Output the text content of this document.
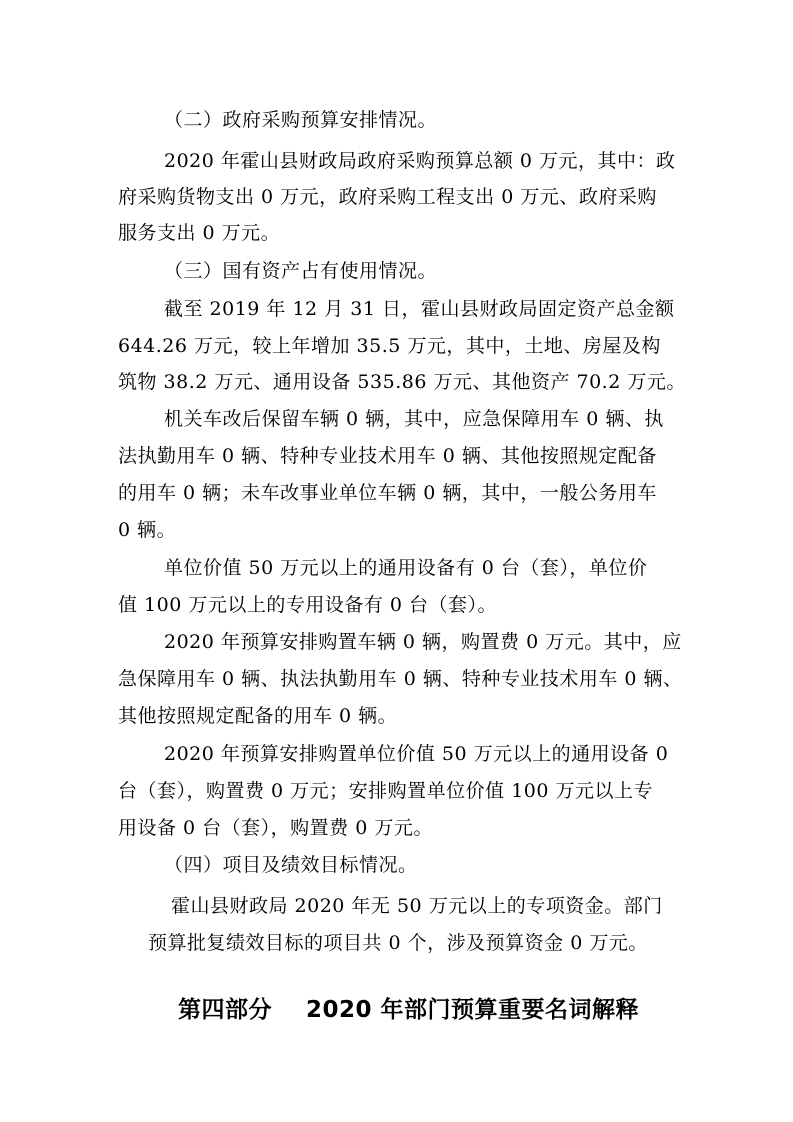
（二）政府采购预算安排情况。
2020 年霍山县财政局政府采购预算总额 0 万元，其中：政
府采购货物支出 0 万元，政府采购工程支出 0 万元、政府采购
服务支出 0 万元。
（三）国有资产占有使用情况。
截至 2019 年 12 月 31 日，霍山县财政局固定资产总金额
644.26 万元，较上年增加 35.5 万元，其中，土地、房屋及构
筑物 38.2 万元、通用设备 535.86 万元、其他资产 70.2 万元。
机关车改后保留车辆 0 辆，其中，应急保障用车 0 辆、执
法执勤用车 0 辆、特种专业技术用车 0 辆、其他按照规定配备
的用车 0 辆；未车改事业单位车辆 0 辆，其中，一般公务用车
0 辆。
单位价值 50 万元以上的通用设备有 0 台（套），单位价
值 100 万元以上的专用设备有 0 台（套）。
2020 年预算安排购置车辆 0 辆，购置费 0 万元。其中，应
急保障用车 0 辆、执法执勤用车 0 辆、特种专业技术用车 0 辆、
其他按照规定配备的用车 0 辆。
2020 年预算安排购置单位价值 50 万元以上的通用设备 0
台（套），购置费 0 万元；安排购置单位价值 100 万元以上专
用设备 0 台（套），购置费 0 万元。
（四）项目及绩效目标情况。
霍山县财政局 2020 年无 50 万元以上的专项资金。部门
预算批复绩效目标的项目共 0 个，涉及预算资金 0 万元。
第四部分    2020 年部门预算重要名词解释
